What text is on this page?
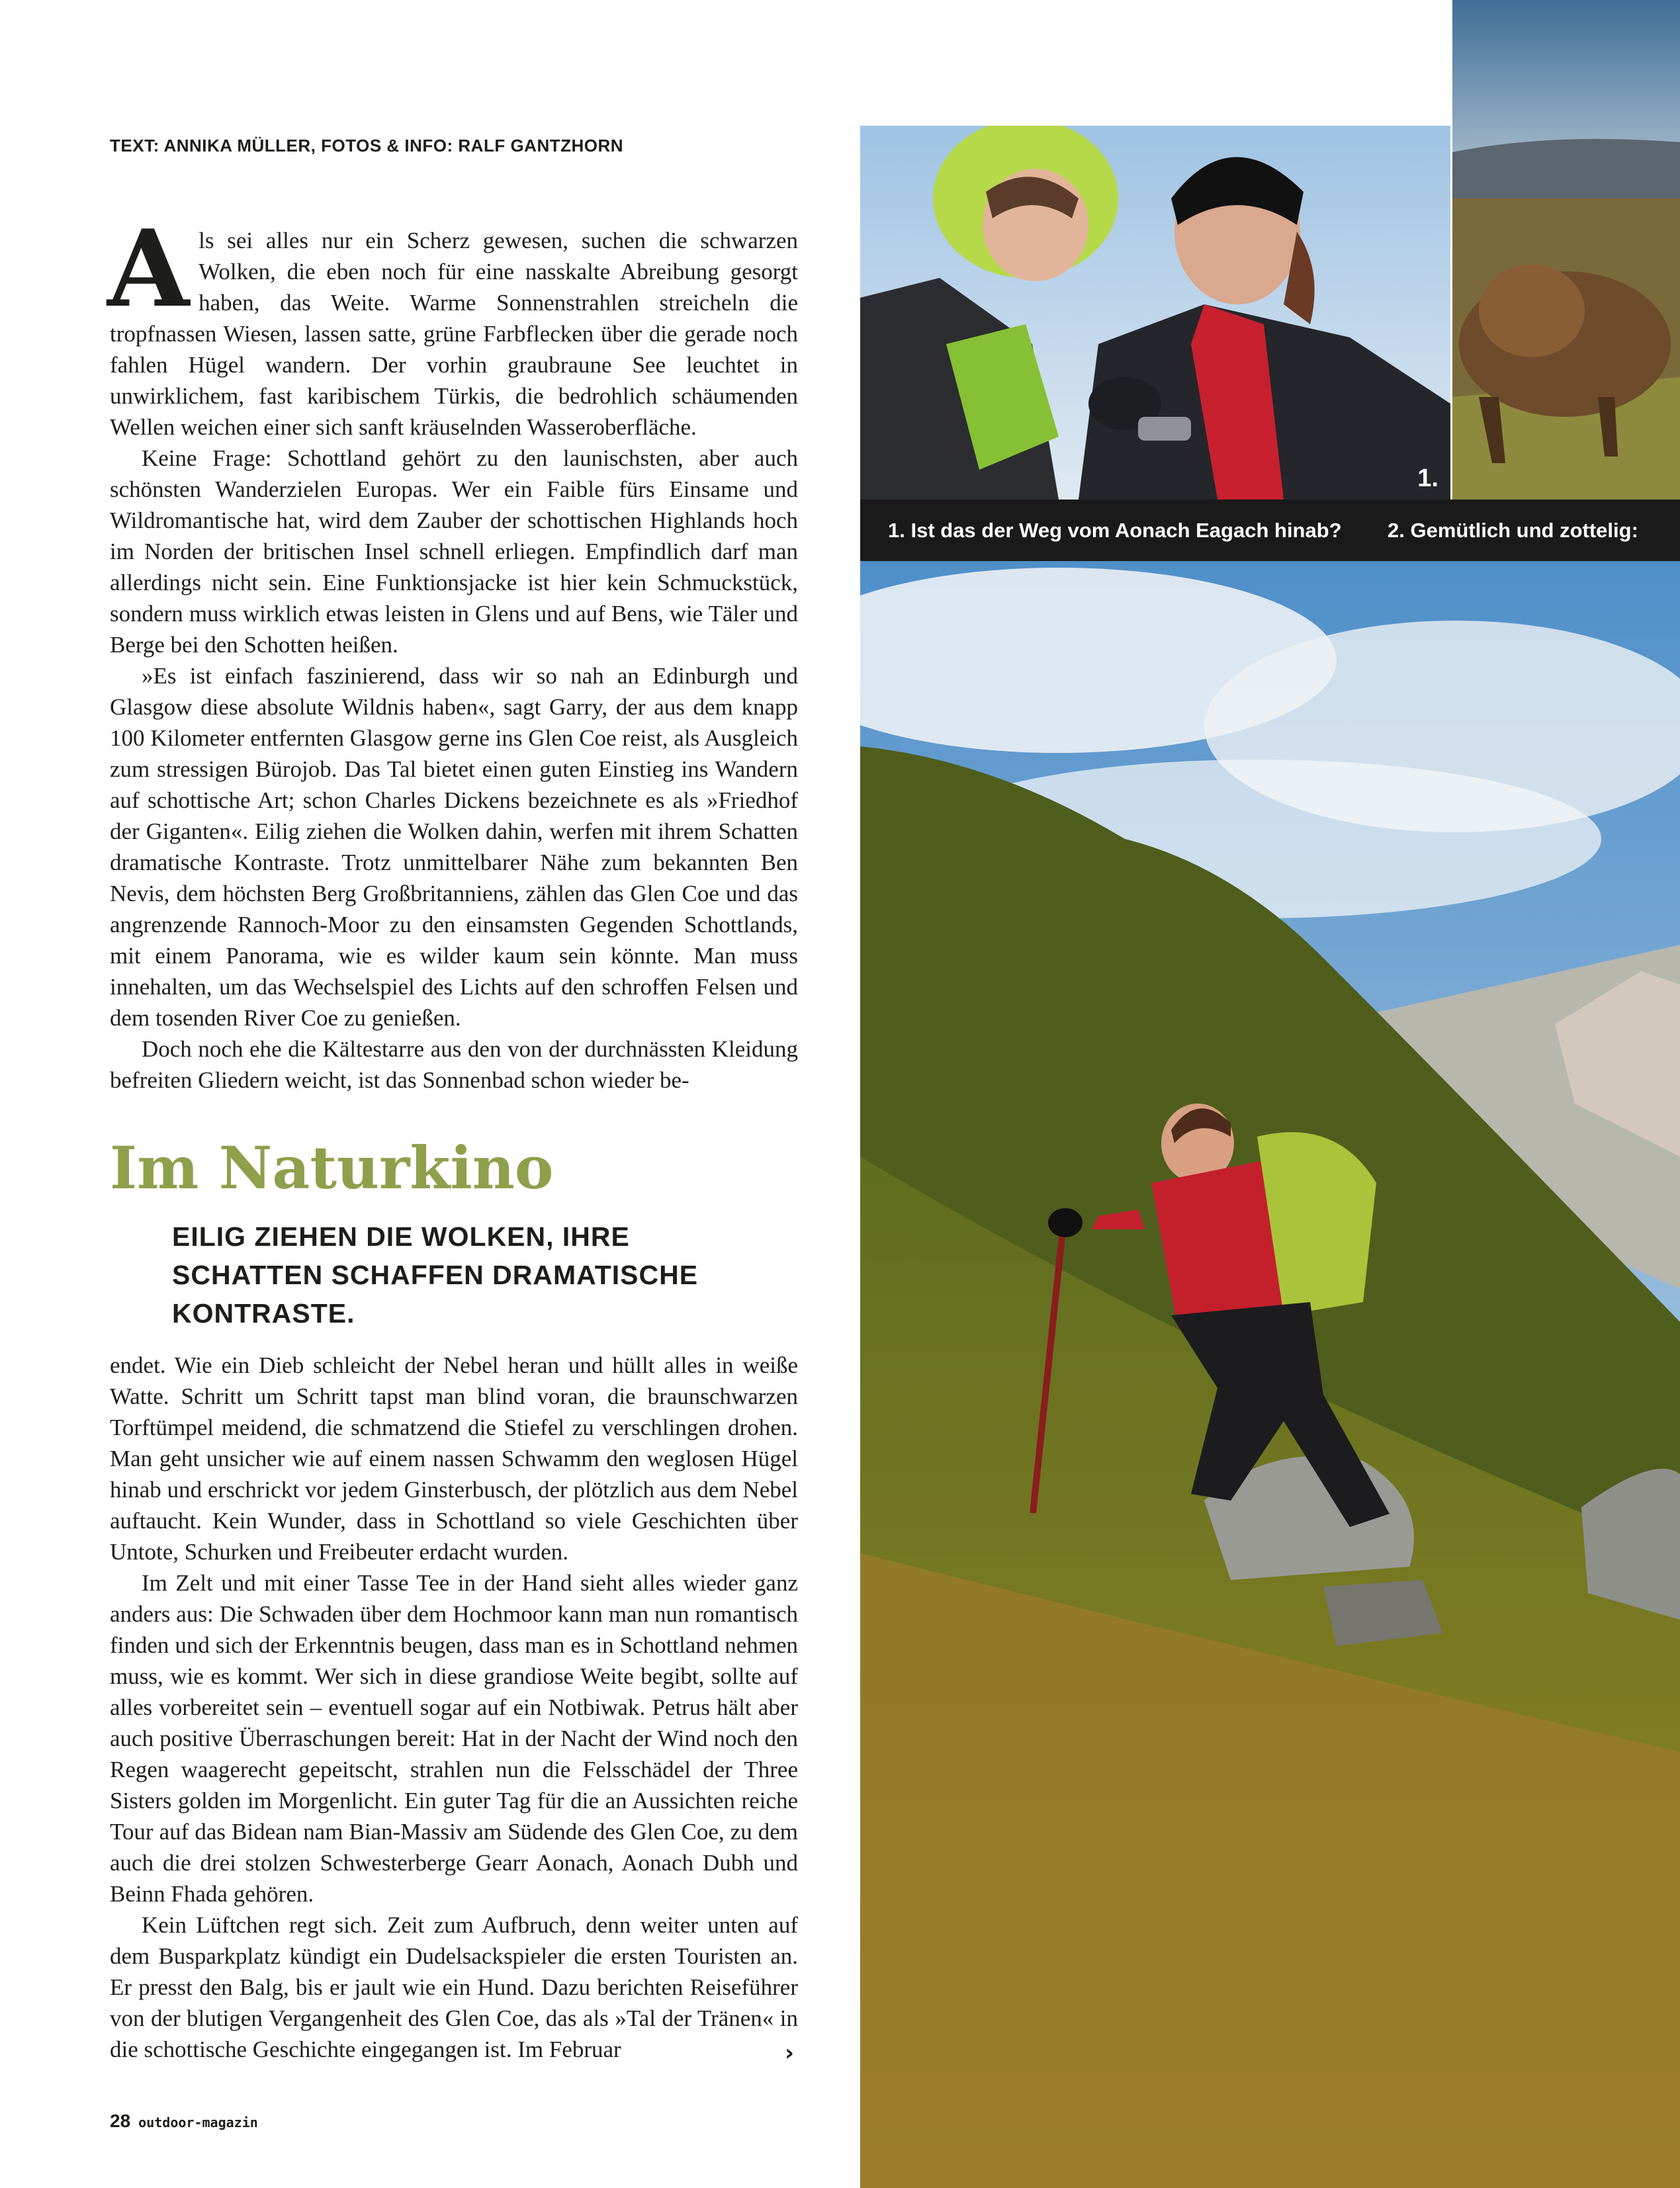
TEXT: ANNIKA MÜLLER, FOTOS & INFO: RALF GANTZHORN

Als sei alles nur ein Scherz gewesen, suchen die schwarzen Wolken, die eben noch für eine nasskalte Abreibung gesorgt haben, das Weite. Warme Sonnenstrahlen streicheln die tropfnassen Wiesen, lassen satte, grüne Farbflecken über die gerade noch fahlen Hügel wandern. Der vorhin graubraune See leuchtet in unwirklichem, fast karibischem Türkis, die bedrohlich schäumenden Wellen weichen einer sich sanft kräuselnden Wasseroberfläche.

Keine Frage: Schottland gehört zu den launischsten, aber auch schönsten Wanderzielen Europas. Wer ein Faible fürs Einsame und Wildromantische hat, wird dem Zauber der schottischen Highlands hoch im Norden der britischen Insel schnell erliegen. Empfindlich darf man allerdings nicht sein. Eine Funktionsjacke ist hier kein Schmuckstück, sondern muss wirklich etwas leisten in Glens und auf Bens, wie Täler und Berge bei den Schotten heißen.

»Es ist einfach faszinierend, dass wir so nah an Edinburgh und Glasgow diese absolute Wildnis haben«, sagt Garry, der aus dem knapp 100 Kilometer entfernten Glasgow gerne ins Glen Coe reist, als Ausgleich zum stressigen Bürojob. Das Tal bietet einen guten Einstieg ins Wandern auf schottische Art; schon Charles Dickens bezeichnete es als »Friedhof der Giganten«. Eilig ziehen die Wolken dahin, werfen mit ihrem Schatten dramatische Kontraste. Trotz unmittelbarer Nähe zum bekannten Ben Nevis, dem höchsten Berg Großbritanniens, zählen das Glen Coe und das angrenzende Rannoch-Moor zu den einsamsten Gegenden Schottlands, mit einem Panorama, wie es wilder kaum sein könnte. Man muss innehalten, um das Wechselspiel des Lichts auf den schroffen Felsen und dem tosenden River Coe zu genießen.

Doch noch ehe die Kältestarre aus den von der durchnässten Kleidung befreiten Gliedern weicht, ist das Sonnenbad schon wieder be-

Im Naturkino

EILIG ZIEHEN DIE WOLKEN, IHRE SCHATTEN SCHAFFEN DRAMATISCHE KONTRASTE.

endet. Wie ein Dieb schleicht der Nebel heran und hüllt alles in weiße Watte. Schritt um Schritt tapst man blind voran, die braunschwarzen Torftümpel meidend, die schmatzend die Stiefel zu verschlingen drohen. Man geht unsicher wie auf einem nassen Schwamm den weglosen Hügel hinab und erschrickt vor jedem Ginsterbusch, der plötzlich aus dem Nebel auftaucht. Kein Wunder, dass in Schottland so viele Geschichten über Untote, Schurken und Freibeuter erdacht wurden.

Im Zelt und mit einer Tasse Tee in der Hand sieht alles wieder ganz anders aus: Die Schwaden über dem Hochmoor kann man nun romantisch finden und sich der Erkenntnis beugen, dass man es in Schottland nehmen muss, wie es kommt. Wer sich in diese grandiose Weite begibt, sollte auf alles vorbereitet sein – eventuell sogar auf ein Notbiwak. Petrus hält aber auch positive Überraschungen bereit: Hat in der Nacht der Wind noch den Regen waagerecht gepeitscht, strahlen nun die Felsschädel der Three Sisters golden im Morgenlicht. Ein guter Tag für die an Aussichten reiche Tour auf das Bidean nam Bian-Massiv am Südende des Glen Coe, zu dem auch die drei stolzen Schwesterberge Gearr Aonach, Aonach Dubh und Beinn Fhada gehören.

Kein Lüftchen regt sich. Zeit zum Aufbruch, denn weiter unten auf dem Busparkplatz kündigt ein Dudelsackspieler die ersten Touristen an. Er presst den Balg, bis er jault wie ein Hund. Dazu berichten Reiseführer von der blutigen Vergangenheit des Glen Coe, das als »Tal der Tränen« in die schottische Geschichte eingegangen ist. Im Februar	›
28 outdoor-magazin
1.
1. Ist das der Weg vom Aonach Eagach hinab? 2. Gemütlich und zottelig:
